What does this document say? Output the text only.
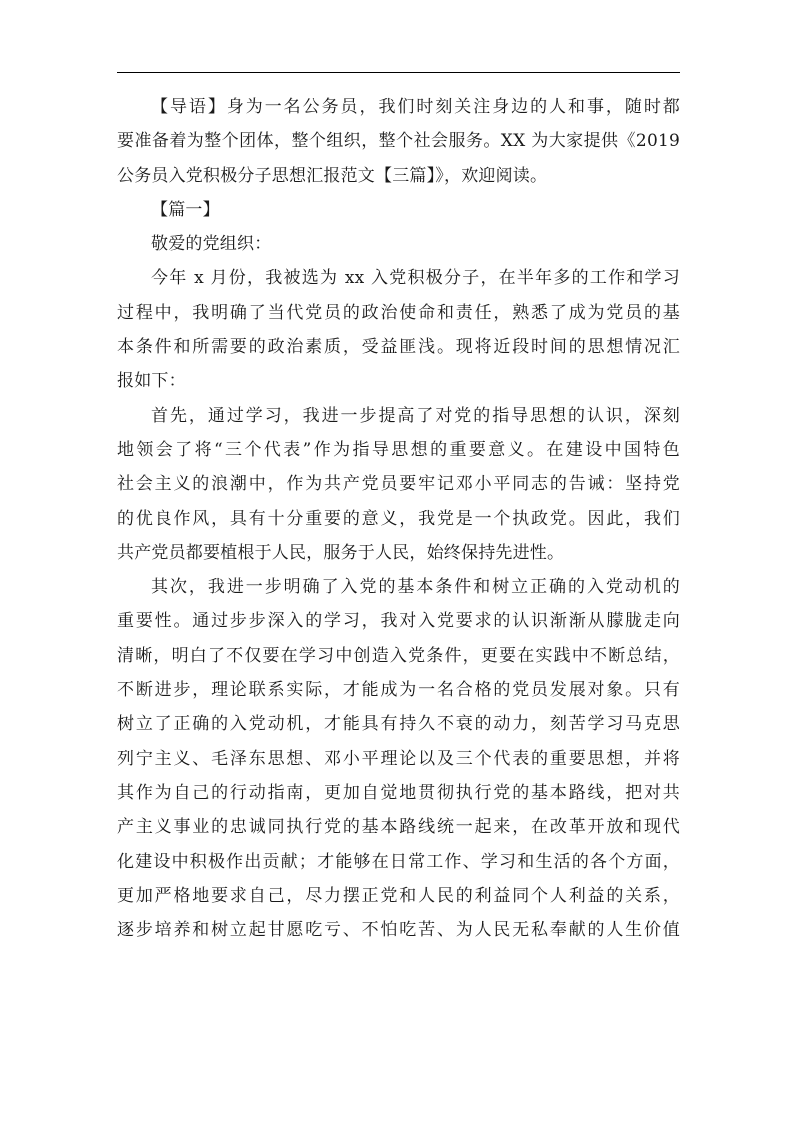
【导语】身为一名公务员，我们时刻关注身边的人和事，随时都
要准备着为整个团体，整个组织，整个社会服务。XX 为大家提供《2019
公务员入党积极分子思想汇报范文【三篇】》，欢迎阅读。

【篇一】

敬爱的党组织：

今年 x 月份，我被选为 xx 入党积极分子，在半年多的工作和学习
过程中，我明确了当代党员的政治使命和责任，熟悉了成为党员的基
本条件和所需要的政治素质，受益匪浅。现将近段时间的思想情况汇
报如下：

首先，通过学习，我进一步提高了对党的指导思想的认识，深刻
地领会了将“三个代表”作为指导思想的重要意义。在建设中国特色
社会主义的浪潮中，作为共产党员要牢记邓小平同志的告诫：坚持党
的优良作风，具有十分重要的意义，我党是一个执政党。因此，我们
共产党员都要植根于人民，服务于人民，始终保持先进性。

其次，我进一步明确了入党的基本条件和树立正确的入党动机的
重要性。通过步步深入的学习，我对入党要求的认识渐渐从朦胧走向
清晰，明白了不仅要在学习中创造入党条件，更要在实践中不断总结，
不断进步，理论联系实际，才能成为一名合格的党员发展对象。只有
树立了正确的入党动机，才能具有持久不衰的动力，刻苦学习马克思
列宁主义、毛泽东思想、邓小平理论以及三个代表的重要思想，并将
其作为自己的行动指南，更加自觉地贯彻执行党的基本路线，把对共
产主义事业的忠诚同执行党的基本路线统一起来，在改革开放和现代
化建设中积极作出贡献；才能够在日常工作、学习和生活的各个方面，
更加严格地要求自己，尽力摆正党和人民的利益同个人利益的关系，
逐步培养和树立起甘愿吃亏、不怕吃苦、为人民无私奉献的人生价值
